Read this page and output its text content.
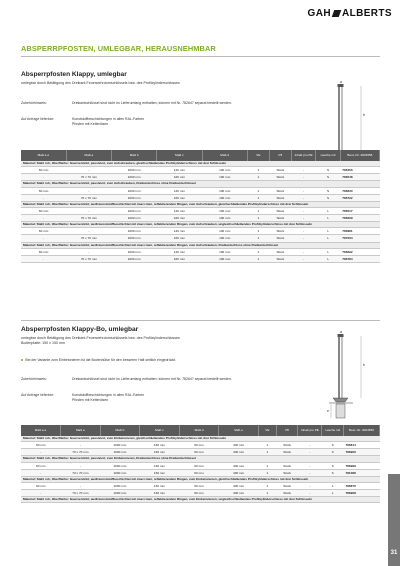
GAH ALBERTS
ABSPERRPFOSTEN, UMLEGBAR, HERAUSNEHMBAR
Absperrpfosten Klappy, umlegbar
umlegbar durch Betätigung des Dreikant-Feuerwehrdornschlüssels bzw. des Profilzylinderschlosses
Zubehörhinweis:	Dreikantschlüssel sind nicht im Lieferumfang enthalten; können mit Nr. 782647 separat bestellt werden.
Auf Anfrage lieferbar:	Kunststoffbeschichtungen in allen RAL-Farben
Pfosten mit Kettenösen
b
a
Maß a ⌀	Maß a	Maß b	Maß c	Maß d	VE	Pfl	Inhalt pro PE	Lasche mit	Best.-Nr. 4004556
Material: Stahl roh, Oberfläche: feuerverzinkt, passiviert, zum Aufschrauben, gleichschließendes Profilzylinderschloss mit drei Schlüsseln									
60 mm	-	1000 mm	140 mm	100 mm	1	Stück	-	S	786456
-	70 x 70 mm	1000 mm	160 mm	100 mm	1	Stück	-	S	786548
Material: Stahl roh, Oberfläche: feuerverzinkt, passiviert, zum Aufschrauben, Dreikantschloss ohne Dreikantschlüssel									
60 mm	-	1000 mm	140 mm	100 mm	1	Stück	-	S	786630
-	70 x 70 mm	1000 mm	160 mm	100 mm	1	Stück	-	S	786722
Material: Stahl roh, Oberfläche: feuerverzinkt, weiß kunststoffbeschichtet mit zwei roten, reflektierenden Ringen, zum Aufschrauben, gleichschließendes Profilzylinderschloss mit drei Schlüsseln									
60 mm	-	1000 mm	140 mm	100 mm	1	Stück	-	L	786517
-	70 x 70 mm	1000 mm	160 mm	100 mm	1	Stück	-	L	786609
Material: Stahl roh, Oberfläche: feuerverzinkt, weiß kunststoffbeschichtet mit zwei roten, reflektierenden Ringen, zum Aufschrauben, ungleichschließendes Profilzylinderschloss mit drei Schlüsseln									
60 mm	-	1000 mm	140 mm	100 mm	1	Stück	-	L	786981
-	70 x 70 mm	1000 mm	160 mm	100 mm	1	Stück	-	L	787004
Material: Stahl roh, Oberfläche: feuerverzinkt, weiß kunststoffbeschichtet mit zwei roten, reflektierenden Ringen, zum Aufschrauben, Dreikantschloss ohne Dreikantschlüssel									
60 mm	-	1000 mm	140 mm	100 mm	1	Stück	-	L	786692
-	70 x 70 mm	1000 mm	160 mm	100 mm	1	Stück	-	L	786784
Absperrpfosten Klappy-Bo, umlegbar
umlegbar durch Betätigung des Dreikant-Feuerwehrdornschlüssels bzw. des Profilzylinderschlosses
Bodenplatte: 150 x 150 mm
Bei der Variante zum Einbetonieren ist die Bodenhülse für den besseren Halt seitlich eingedrückt.
Zubehörhinweis:	Dreikantschlüssel sind nicht im Lieferumfang enthalten; können mit Nr. 782647 separat bestellt werden.
Auf Anfrage lieferbar:	Kunststoffbeschichtungen in allen RAL-Farben
Pfosten mit Kettenösen
b
a
e
Maß a ⌀	Maß a	Maß b	Maß c	Maß d	Maß e	VE	Pfl	Inhalt pro PE	Lasche mit	Best.-Nr. 4004556
Material: Stahl roh, Oberfläche: feuerverzinkt, passiviert, zum Einbetonieren, gleichschließendes Profilzylinderschloss mit drei Schlüsseln										
60 mm	-	1000 mm	160 mm	60 mm	400 mm	1	Stück	-	S	786814
-	70 x 70 mm	1000 mm	160 mm	60 mm	400 mm	1	Stück	-	S	786906
Material: Stahl roh, Oberfläche: feuerverzinkt, passiviert, zum Einbetonieren, Dreikantschloss ohne Dreikantschlüssel										
60 mm	-	1000 mm	160 mm	60 mm	400 mm	1	Stück	-	S	786999
-	70 x 70 mm	1000 mm	160 mm	60 mm	400 mm	1	Stück	-	S	781088
Material: Stahl roh, Oberfläche: feuerverzinkt, weiß kunststoffbeschichtet mit zwei roten, reflektierenden Ringen, zum Einbetonieren, gleichschließendes Profilzylinderschloss mit drei Schlüsseln										
60 mm	-	1000 mm	160 mm	60 mm	400 mm	1	Stück	-	L	786876
-	70 x 70 mm	1000 mm	160 mm	60 mm	400 mm	1	Stück	-	L	786968
Material: Stahl roh, Oberfläche: feuerverzinkt, weiß kunststoffbeschichtet mit zwei roten, reflektierenden Ringen, zum Einbetonieren, ungleichschließendes Profilzylinderschloss mit drei Schlüsseln										
31
